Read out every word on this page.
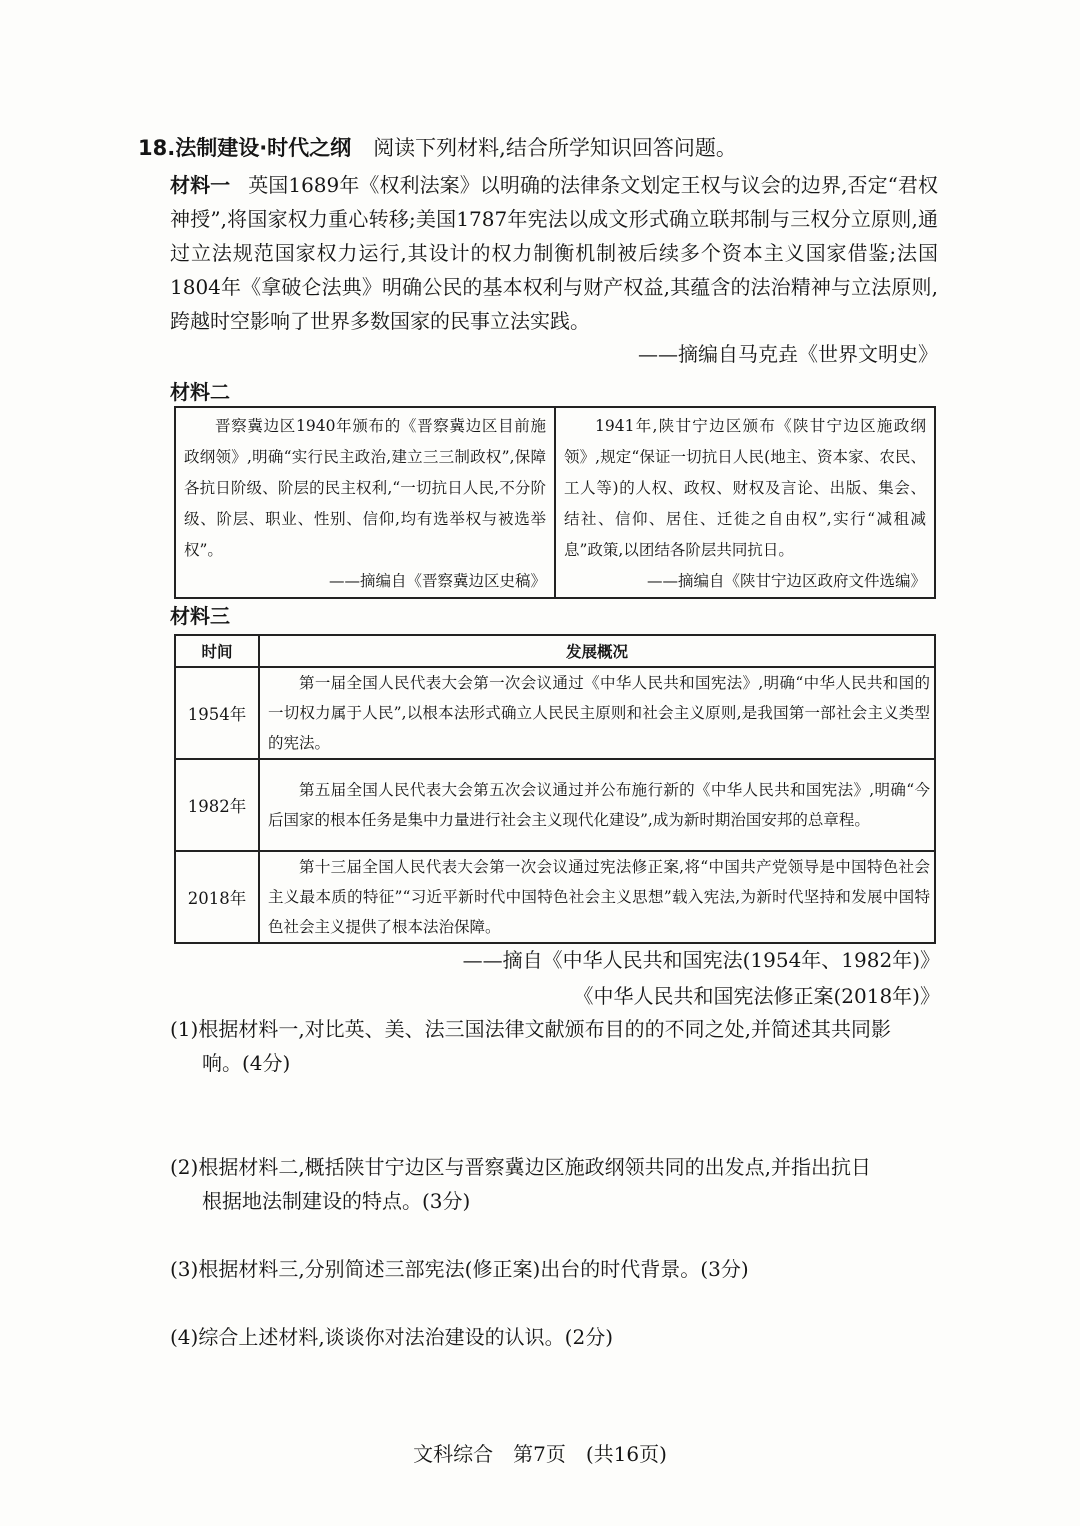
18.法制建设·时代之纲 阅读下列材料,结合所学知识回答问题。
材料一 英国1689年《权利法案》以明确的法律条文划定王权与议会的边界,否定“君权神授”,将国家权力重心转移;美国1787年宪法以成文形式确立联邦制与三权分立原则,通过立法规范国家权力运行,其设计的权力制衡机制被后续多个资本主义国家借鉴;法国1804年《拿破仑法典》明确公民的基本权利与财产权益,其蕴含的法治精神与立法原则,跨越时空影响了世界多数国家的民事立法实践。
——摘编自马克垚《世界文明史》
材料二
晋察冀边区1940年颁布的《晋察冀边区目前施政纲领》,明确“实行民主政治,建立三三制政权”,保障各抗日阶级、阶层的民主权利,“一切抗日人民,不分阶级、阶层、职业、性别、信仰,均有选举权与被选举权”。
——摘编自《晋察冀边区史稿》

1941年,陕甘宁边区颁布《陕甘宁边区施政纲领》,规定“保证一切抗日人民(地主、资本家、农民、工人等)的人权、政权、财权及言论、出版、集会、结社、信仰、居住、迁徙之自由权”,实行“减租减息”政策,以团结各阶层共同抗日。
——摘编自《陕甘宁边区政府文件选编》
材料三
时间	发展概况
1954年	第一届全国人民代表大会第一次会议通过《中华人民共和国宪法》,明确“中华人民共和国的一切权力属于人民”,以根本法形式确立人民民主原则和社会主义原则,是我国第一部社会主义类型的宪法。
1982年	第五届全国人民代表大会第五次会议通过并公布施行新的《中华人民共和国宪法》,明确“今后国家的根本任务是集中力量进行社会主义现代化建设”,成为新时期治国安邦的总章程。
2018年	第十三届全国人民代表大会第一次会议通过宪法修正案,将“中国共产党领导是中国特色社会主义最本质的特征”“习近平新时代中国特色社会主义思想”载入宪法,为新时代坚持和发展中国特色社会主义提供了根本法治保障。
——摘自《中华人民共和国宪法(1954年、1982年)》
《中华人民共和国宪法修正案(2018年)》
(1)根据材料一,对比英、美、法三国法律文献颁布目的的不同之处,并简述其共同影
响。(4分)
(2)根据材料二,概括陕甘宁边区与晋察冀边区施政纲领共同的出发点,并指出抗日
根据地法制建设的特点。(3分)
(3)根据材料三,分别简述三部宪法(修正案)出台的时代背景。(3分)
(4)综合上述材料,谈谈你对法治建设的认识。(2分)
文科综合 第7页 (共16页)
